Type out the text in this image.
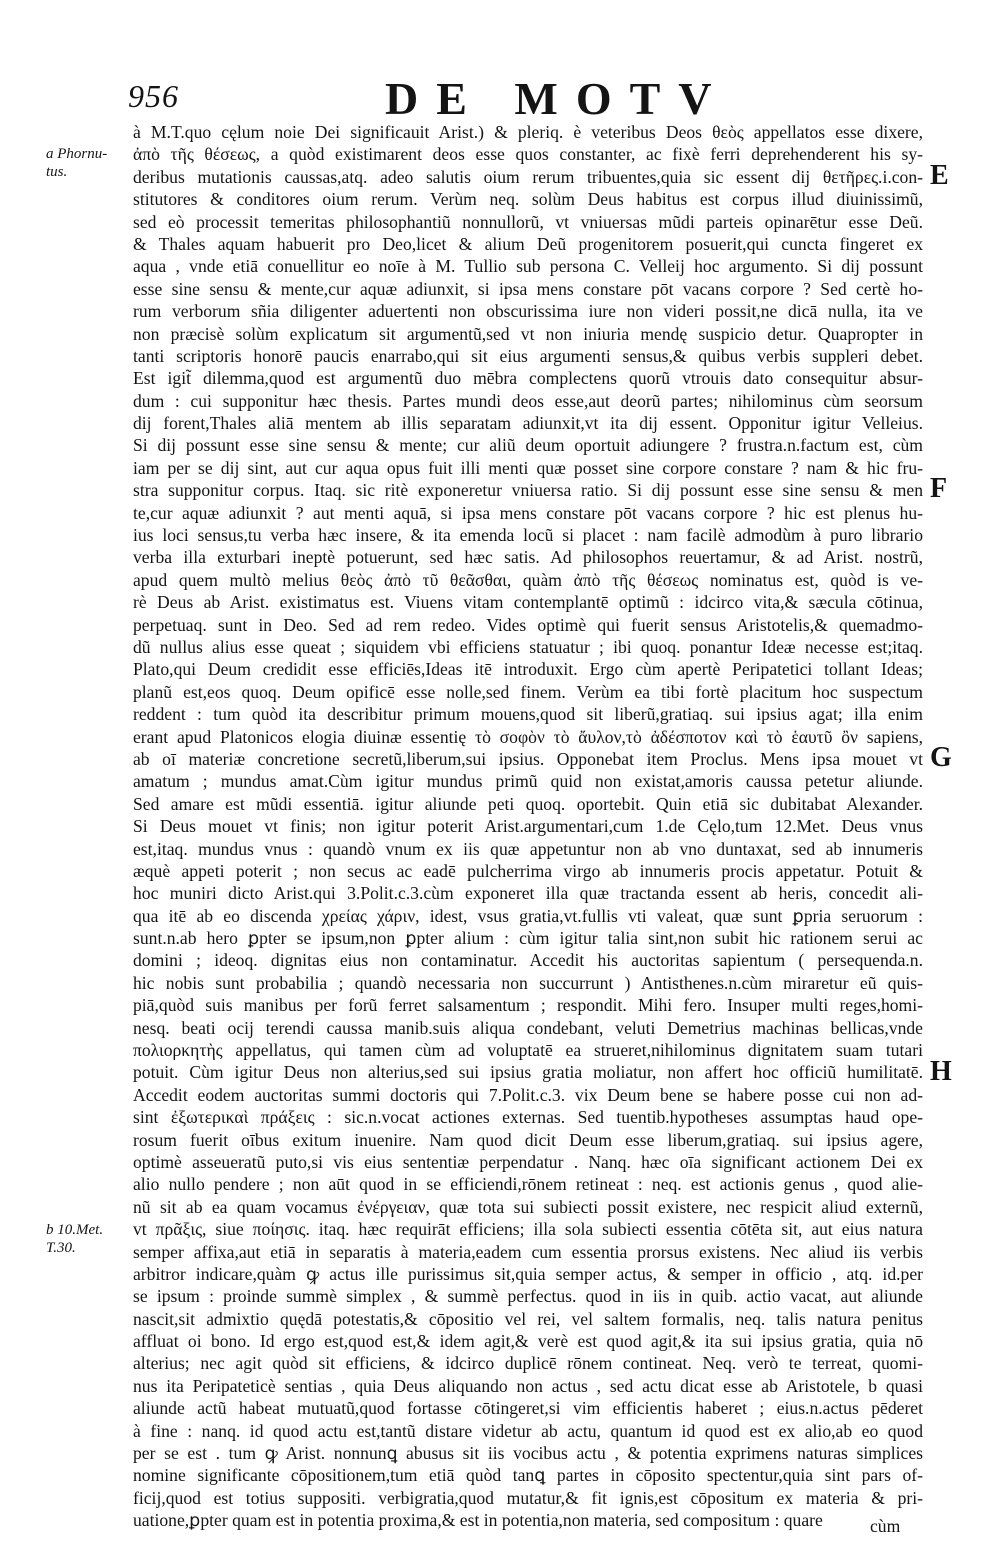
956	DE MOTV
à M.T.quo cęlum noie Dei significauit Arist.) & pleriq. è veteribus Deos θεὸς appellatos esse dixere,
ἀπὸ τῆς θέσεως, a quòd existimarent deos esse quos constanter, ac fixè ferri deprehenderent his sy-
deribus mutationis caussas,atq. adeo salutis oium rerum tribuentes,quia sic essent dij θετῆρες.i.con-
stitutores & conditores oium rerum. Verùm neq. solùm Deus habitus est corpus illud diuinissimũ,
sed eò processit temeritas philosophantiũ nonnullorũ, vt vniuersas mũdi parteis opinarētur esse Deũ.
& Thales aquam habuerit pro Deo,licet & alium Deũ progenitorem posuerit,qui cuncta fingeret ex
aqua , vnde etiā conuellitur eo noīe à M. Tullio sub persona C. Velleij hoc argumento. Si dij possunt
esse sine sensu & mente,cur aquæ adiunxit, si ipsa mens constare pōt vacans corpore ? Sed certè ho-
rum verborum sñia diligenter aduertenti non obscurissima iure non videri possit,ne dicā nulla, ita ve
non præcisè solùm explicatum sit argumentũ,sed vt non iniuria mendę suspicio detur. Quapropter in
tanti scriptoris honorē paucis enarrabo,qui sit eius argumenti sensus,& quibus verbis suppleri debet.
Est igit̃ dilemma,quod est argumentũ duo mēbra complectens quorũ vtrouis dato consequitur absur-
dum : cui supponitur hæc thesis. Partes mundi deos esse,aut deorũ partes; nihilominus cùm seorsum
dij forent,Thales aliā mentem ab illis separatam adiunxit,vt ita dij essent. Opponitur igitur Velleius.
Si dij possunt esse sine sensu & mente; cur aliũ deum oportuit adiungere ? frustra.n.factum est, cùm
iam per se dij sint, aut cur aqua opus fuit illi menti quæ posset sine corpore constare ? nam & hic fru-
stra supponitur corpus. Itaq. sic ritè exponeretur vniuersa ratio. Si dij possunt esse sine sensu & men
te,cur aquæ adiunxit ? aut menti aquā, si ipsa mens constare pōt vacans corpore ? hic est plenus hu-
ius loci sensus,tu verba hæc insere, & ita emenda locũ si placet : nam facilè admodùm à puro librario
verba illa exturbari ineptè potuerunt, sed hæc satis. Ad philosophos reuertamur, & ad Arist. nostrũ,
apud quem multò melius θεὸς ἀπὸ τῦ θεᾶσθαι, quàm ἀπὸ τῆς θέσεως nominatus est, quòd is ve-
rè Deus ab Arist. existimatus est. Viuens vitam contemplantē optimũ : idcirco vita,& sæcula cōtinua,
perpetuaq. sunt in Deo. Sed ad rem redeo. Vides optimè qui fuerit sensus Aristotelis,& quemadmo-
dũ nullus alius esse queat ; siquidem vbi efficiens statuatur ; ibi quoq. ponantur Ideæ necesse est;itaq.
Plato,qui Deum credidit esse efficiēs,Ideas itē introduxit. Ergo cùm apertè Peripatetici tollant Ideas;
planũ est,eos quoq. Deum opificē esse nolle,sed finem. Verùm ea tibi fortè placitum hoc suspectum
reddent : tum quòd ita describitur primum mouens,quod sit liberũ,gratiaq. sui ipsius agat; illa enim
erant apud Platonicos elogia diuinæ essentię τὸ σοφὸν τὸ ἄυλον,τὸ ἀδέσποτον καὶ τὸ ἑαυτῦ ὂν sapiens,
ab oī materiæ concretione secretũ,liberum,sui ipsius. Opponebat item Proclus. Mens ipsa mouet vt
amatum ; mundus amat.Cùm igitur mundus primũ quid non existat,amoris caussa petetur aliunde.
Sed amare est mũdi essentiā. igitur aliunde peti quoq. oportebit. Quin etiā sic dubitabat Alexander.
Si Deus mouet vt finis; non igitur poterit Arist.argumentari,cum 1.de Cęlo,tum 12.Met. Deus vnus
est,itaq. mundus vnus : quandò vnum ex iis quæ appetuntur non ab vno duntaxat, sed ab innumeris
æquè appeti poterit ; non secus ac eadē pulcherrima virgo ab innumeris procis appetatur. Potuit &
hoc muniri dicto Arist.qui 3.Polit.c.3.cùm exponeret illa quæ tractanda essent ab heris, concedit ali-
qua itē ab eo discenda χρείας χάριν, idest, vsus gratia,vt.fullis vti valeat, quæ sunt ꝑpria seruorum :
sunt.n.ab hero ꝑpter se ipsum,non ꝑpter alium : cùm igitur talia sint,non subit hic rationem serui ac
domini ; ideoq. dignitas eius non contaminatur. Accedit his auctoritas sapientum ( persequenda.n.
hic nobis sunt probabilia ; quandò necessaria non succurrunt ) Antisthenes.n.cùm miraretur eũ quis-
piā,quòd suis manibus per forũ ferret salsamentum ; respondit. Mihi fero. Insuper multi reges,homi-
nesq. beati ocij terendi caussa manib.suis aliqua condebant, veluti Demetrius machinas bellicas,vnde
πολιορκητὴς appellatus, qui tamen cùm ad voluptatē ea strueret,nihilominus dignitatem suam tutari
potuit. Cùm igitur Deus non alterius,sed sui ipsius gratia moliatur, non affert hoc officiũ humilitatē.
Accedit eodem auctoritas summi doctoris qui 7.Polit.c.3. vix Deum bene se habere posse cui non ad-
sint ἐξωτερικαὶ πράξεις : sic.n.vocat actiones externas. Sed tuentib.hypotheses assumptas haud ope-
rosum fuerit oībus exitum inuenire. Nam quod dicit Deum esse liberum,gratiaq. sui ipsius agere,
optimè asseueratũ puto,si vis eius sententiæ perpendatur . Nanq. hæc oīa significant actionem Dei ex
alio nullo pendere ; non aūt quod in se efficiendi,rōnem retineat : neq. est actionis genus , quod alie-
nũ sit ab ea quam vocamus ἐνέργειαν, quæ tota sui subiecti possit existere, nec respicit aliud externũ,
vt πρᾶξις, siue ποίησις. itaq. hæc requirāt efficiens; illa sola subiecti essentia cōtēta sit, aut eius natura
semper affixa,aut etiā in separatis à materia,eadem cum essentia prorsus existens. Nec aliud iis verbis
arbitror indicare,quàm ꝙ actus ille purissimus sit,quia semper actus, & semper in officio , atq. id.per
se ipsum : proinde summè simplex , & summè perfectus. quod in iis in quib. actio vacat, aut aliunde
nascit,sit admixtio quędā potestatis,& cōpositio vel rei, vel saltem formalis, neq. talis natura penitus
affluat oi bono. Id ergo est,quod est,& idem agit,& verè est quod agit,& ita sui ipsius gratia, quia nō
alterius; nec agit quòd sit efficiens, & idcirco duplicē rōnem contineat. Neq. verò te terreat, quomi-
nus ita Peripateticè sentias , quia Deus aliquando non actus , sed actu dicat esse ab Aristotele, b quasi
aliunde actũ habeat mutuatũ,quod fortasse cōtingeret,si vim efficientis haberet ; eius.n.actus pēderet
à fine : nanq. id quod actu est,tantũ distare videtur ab actu, quantum id quod est ex alio,ab eo quod
per se est . tum ꝙ Arist. nonnunꝗ abusus sit iis vocibus actu , & potentia exprimens naturas simplices
nomine significante cōpositionem,tum etiā quòd tanꝗ partes in cōposito spectentur,quia sint pars of-
ficij,quod est totius suppositi. verbigratia,quod mutatur,& fit ignis,est cōpositum ex materia & pri-
uatione,ꝑpter quam est in potentia proxima,& est in potentia,non materia, sed compositum : quare
a Phornu- tus.
b 10.Met. T.30.
E
F
G
H
cùm
